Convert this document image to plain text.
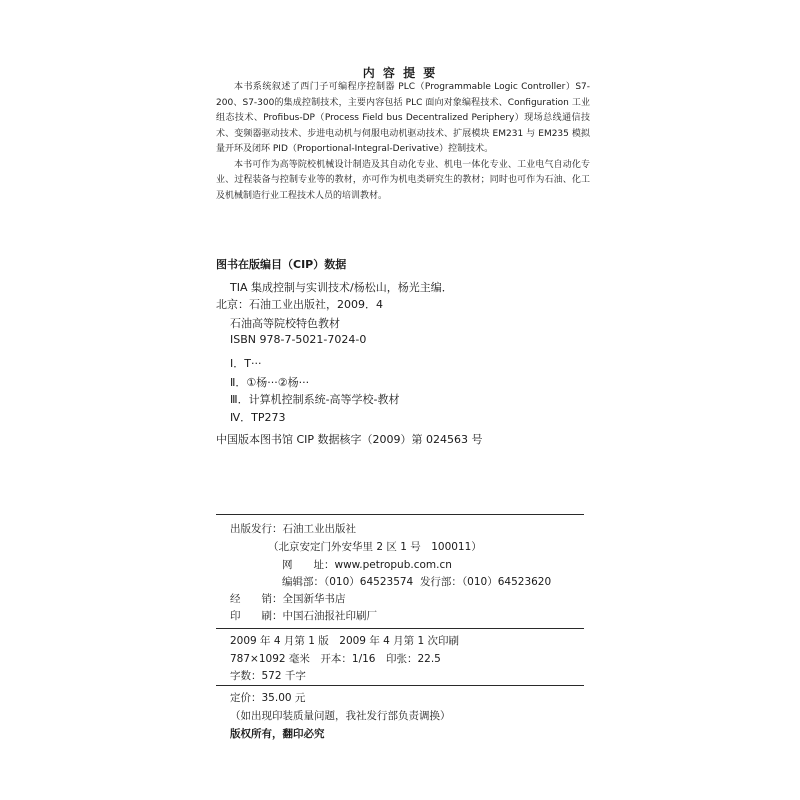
内 容 提 要

本书系统叙述了西门子可编程序控制器 PLC（Programmable Logic Controller）S7-200、S7-300的集成控制技术，主要内容包括 PLC 面向对象编程技术、Configuration 工业组态技术、Profibus-DP（Process Field bus Decentralized Periphery）现场总线通信技术、变频器驱动技术、步进电动机与伺服电动机驱动技术、扩展模块 EM231 与 EM235 模拟量开环及闭环 PID（Proportional-Integral-Derivative）控制技术。

本书可作为高等院校机械设计制造及其自动化专业、机电一体化专业、工业电气自动化专业、过程装备与控制专业等的教材，亦可作为机电类研究生的教材；同时也可作为石油、化工及机械制造行业工程技术人员的培训教材。

图书在版编目（CIP）数据
TIA 集成控制与实训技术/杨松山，杨光主编．
北京：石油工业出版社，2009．4
石油高等院校特色教材
ISBN 978-7-5021-7024-0
Ⅰ．T···
Ⅱ．①杨···②杨···
Ⅲ．计算机控制系统-高等学校-教材
Ⅳ．TP273
中国版本图书馆 CIP 数据核字（2009）第 024563 号
出版发行：石油工业出版社
（北京安定门外安华里 2 区 1 号　100011）
网　　址：www.petropub.com.cn
编辑部：（010）64523574 发行部：（010）64523620
经　　销：全国新华书店
印　　刷：中国石油报社印刷厂
2009 年 4 月第 1 版　2009 年 4 月第 1 次印刷
787×1092 毫米　开本：1/16　印张：22.5
字数：572 千字
定价：35.00 元
（如出现印装质量问题，我社发行部负责调换）
版权所有，翻印必究
